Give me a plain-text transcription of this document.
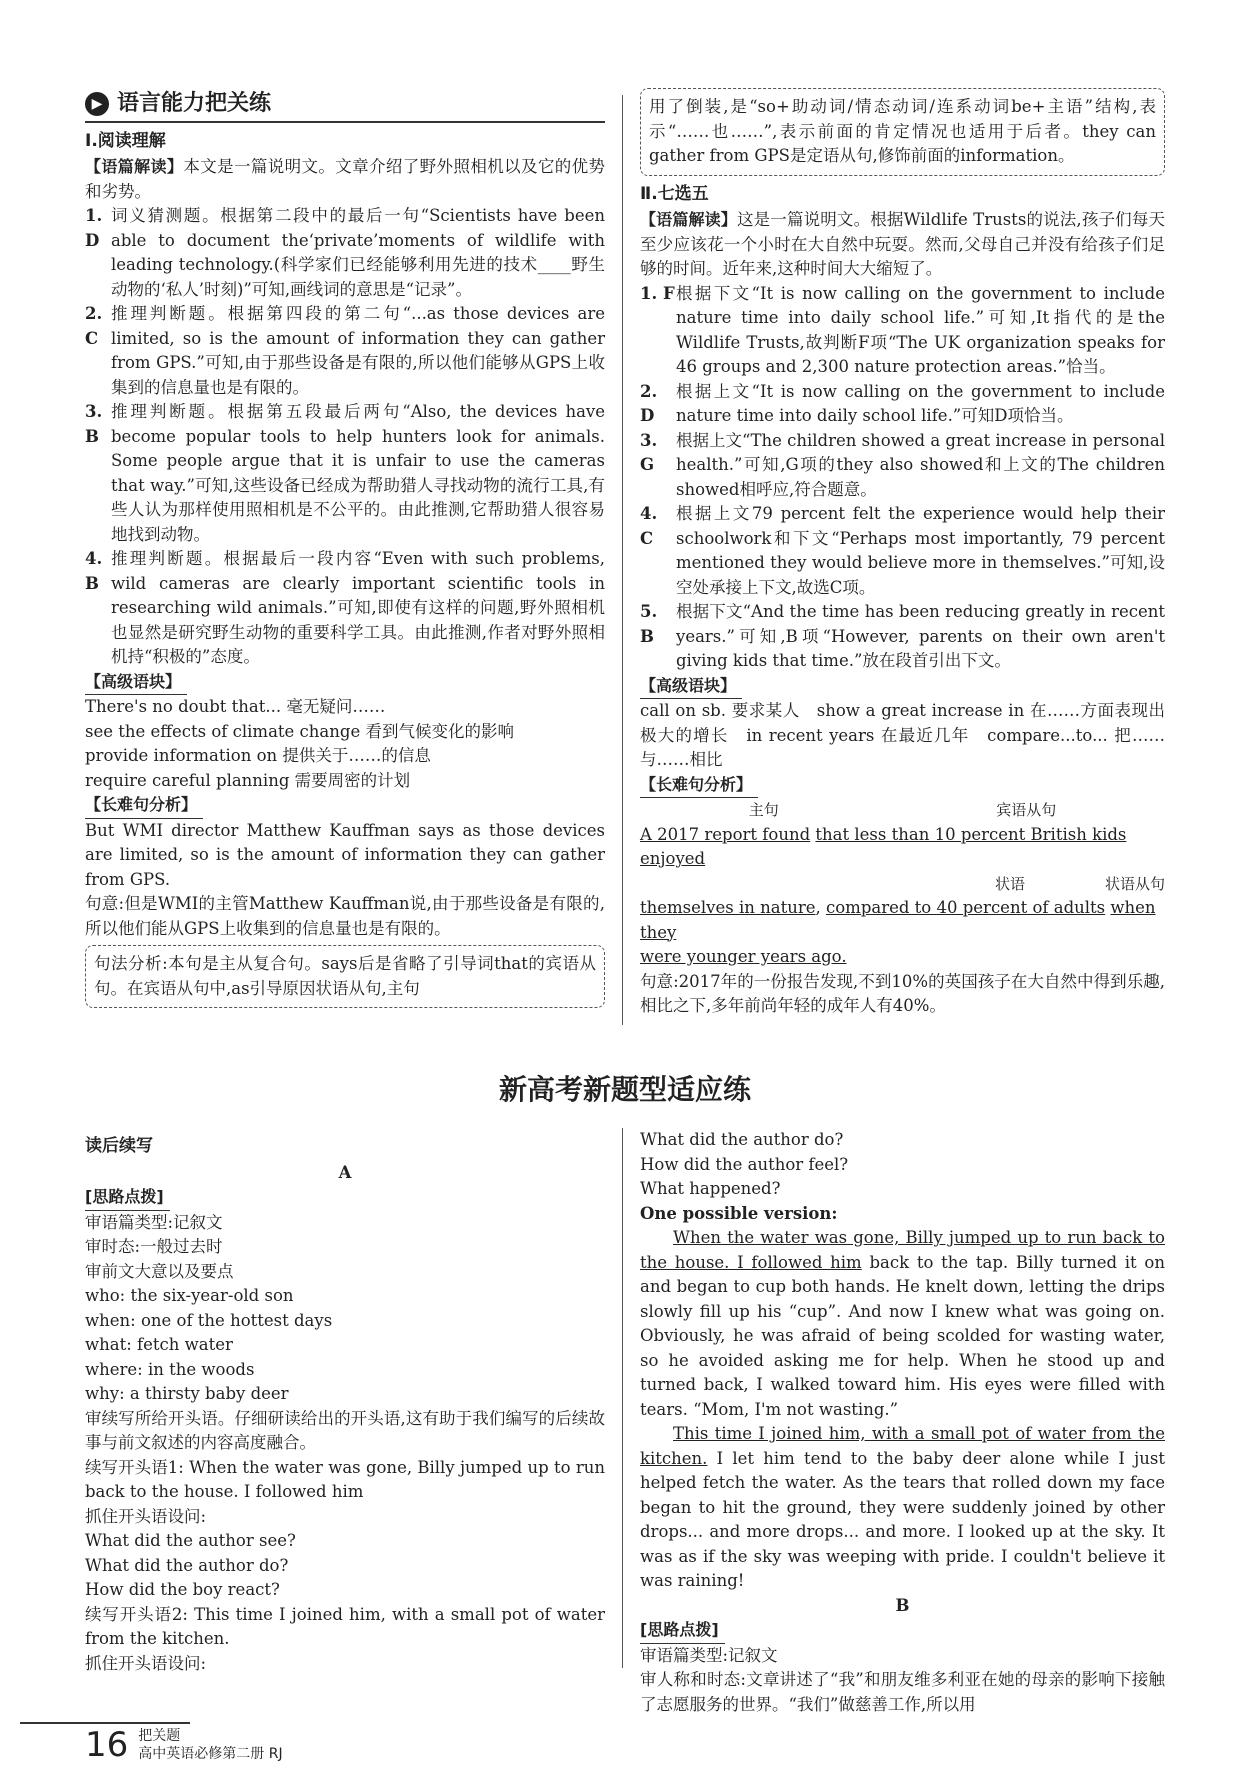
▶ 语言能力把关练
Ⅰ.阅读理解
【语篇解读】本文是一篇说明文。文章介绍了野外照相机以及它的优势和劣势。
1. D
词义猜测题。根据第二段中的最后一句“Scientists have been able to document the‘private’moments of wildlife with leading technology.(科学家们已经能够利用先进的技术____野生动物的‘私人’时刻)”可知,画线词的意思是“记录”。
2. C
推理判断题。根据第四段的第二句“...as those devices are limited, so is the amount of information they can gather from GPS.”可知,由于那些设备是有限的,所以他们能够从GPS上收集到的信息量也是有限的。
3. B
推理判断题。根据第五段最后两句“Also, the devices have become popular tools to help hunters look for animals. Some people argue that it is unfair to use the cameras that way.”可知,这些设备已经成为帮助猎人寻找动物的流行工具,有些人认为那样使用照相机是不公平的。由此推测,它帮助猎人很容易地找到动物。
4. B
推理判断题。根据最后一段内容“Even with such problems, wild cameras are clearly important scientific tools in researching wild animals.”可知,即使有这样的问题,野外照相机也显然是研究野生动物的重要科学工具。由此推测,作者对野外照相机持“积极的”态度。
【高级语块】
There's no doubt that... 毫无疑问……
see the effects of climate change 看到气候变化的影响
provide information on 提供关于……的信息
require careful planning 需要周密的计划
【长难句分析】
But WMI director Matthew Kauffman says as those devices are limited, so is the amount of information they can gather from GPS.
句意:但是WMI的主管Matthew Kauffman说,由于那些设备是有限的,所以他们能从GPS上收集到的信息量也是有限的。
句法分析:本句是主从复合句。says后是省略了引导词that的宾语从句。在宾语从句中,as引导原因状语从句,主句
用了倒装,是“so+助动词/情态动词/连系动词be+主语”结构,表示“……也……”,表示前面的肯定情况也适用于后者。they can gather from GPS是定语从句,修饰前面的information。
Ⅱ.七选五
【语篇解读】这是一篇说明文。根据Wildlife Trusts的说法,孩子们每天至少应该花一个小时在大自然中玩耍。然而,父母自己并没有给孩子们足够的时间。近年来,这种时间大大缩短了。
1. F 根据下文“It is now calling on the government to include nature time into daily school life.”可知,It指代的是the Wildlife Trusts,故判断F项“The UK organization speaks for 46 groups and 2,300 nature protection areas.”恰当。
2. D
根据上文“It is now calling on the government to include nature time into daily school life.”可知D项恰当。
3. G
根据上文“The children showed a great increase in personal health.”可知,G项的they also showed和上文的The children showed相呼应,符合题意。
4. C
根据上文79 percent felt the experience would help their schoolwork和下文“Perhaps most importantly, 79 percent mentioned they would believe more in themselves.”可知,设空处承接上下文,故选C项。
5. B
根据下文“And the time has been reducing greatly in recent years.”可知,B项“However, parents on their own aren't giving kids that time.”放在段首引出下文。
【高级语块】
call on sb. 要求某人　show a great increase in 在……方面表现出极大的增长　in recent years 在最近几年　compare...to... 把……与……相比
【长难句分析】
主句	宾语从句
A 2017 report found that less than 10 percent British kids enjoyed
状语	状语从句
themselves in nature, compared to 40 percent of adults when they
were younger years ago.
句意:2017年的一份报告发现,不到10%的英国孩子在大自然中得到乐趣,相比之下,多年前尚年轻的成年人有40%。
新高考新题型适应练
读后续写
A
[思路点拨]
审语篇类型:记叙文
审时态:一般过去时
审前文大意以及要点
who: the six-year-old son
when: one of the hottest days
what: fetch water
where: in the woods
why: a thirsty baby deer
审续写所给开头语。仔细研读给出的开头语,这有助于我们编写的后续故事与前文叙述的内容高度融合。
续写开头语1: When the water was gone, Billy jumped up to run back to the house. I followed him
抓住开头语设问:
What did the author see?
What did the author do?
How did the boy react?
续写开头语2: This time I joined him, with a small pot of water from the kitchen.
抓住开头语设问:
What did the author do?
How did the author feel?
What happened?
One possible version:
When the water was gone, Billy jumped up to run back to the house. I followed him back to the tap. Billy turned it on and began to cup both hands. He knelt down, letting the drips slowly fill up his “cup”. And now I knew what was going on. Obviously, he was afraid of being scolded for wasting water, so he avoided asking me for help. When he stood up and turned back, I walked toward him. His eyes were filled with tears. “Mom, I'm not wasting.”
This time I joined him, with a small pot of water from the kitchen. I let him tend to the baby deer alone while I just helped fetch the water. As the tears that rolled down my face began to hit the ground, they were suddenly joined by other drops... and more drops... and more. I looked up at the sky. It was as if the sky was weeping with pride. I couldn't believe it was raining!
B
[思路点拨]
审语篇类型:记叙文
审人称和时态:文章讲述了“我”和朋友维多利亚在她的母亲的影响下接触了志愿服务的世界。“我们”做慈善工作,所以用
16 把关题
高中英语必修第二册 RJ
